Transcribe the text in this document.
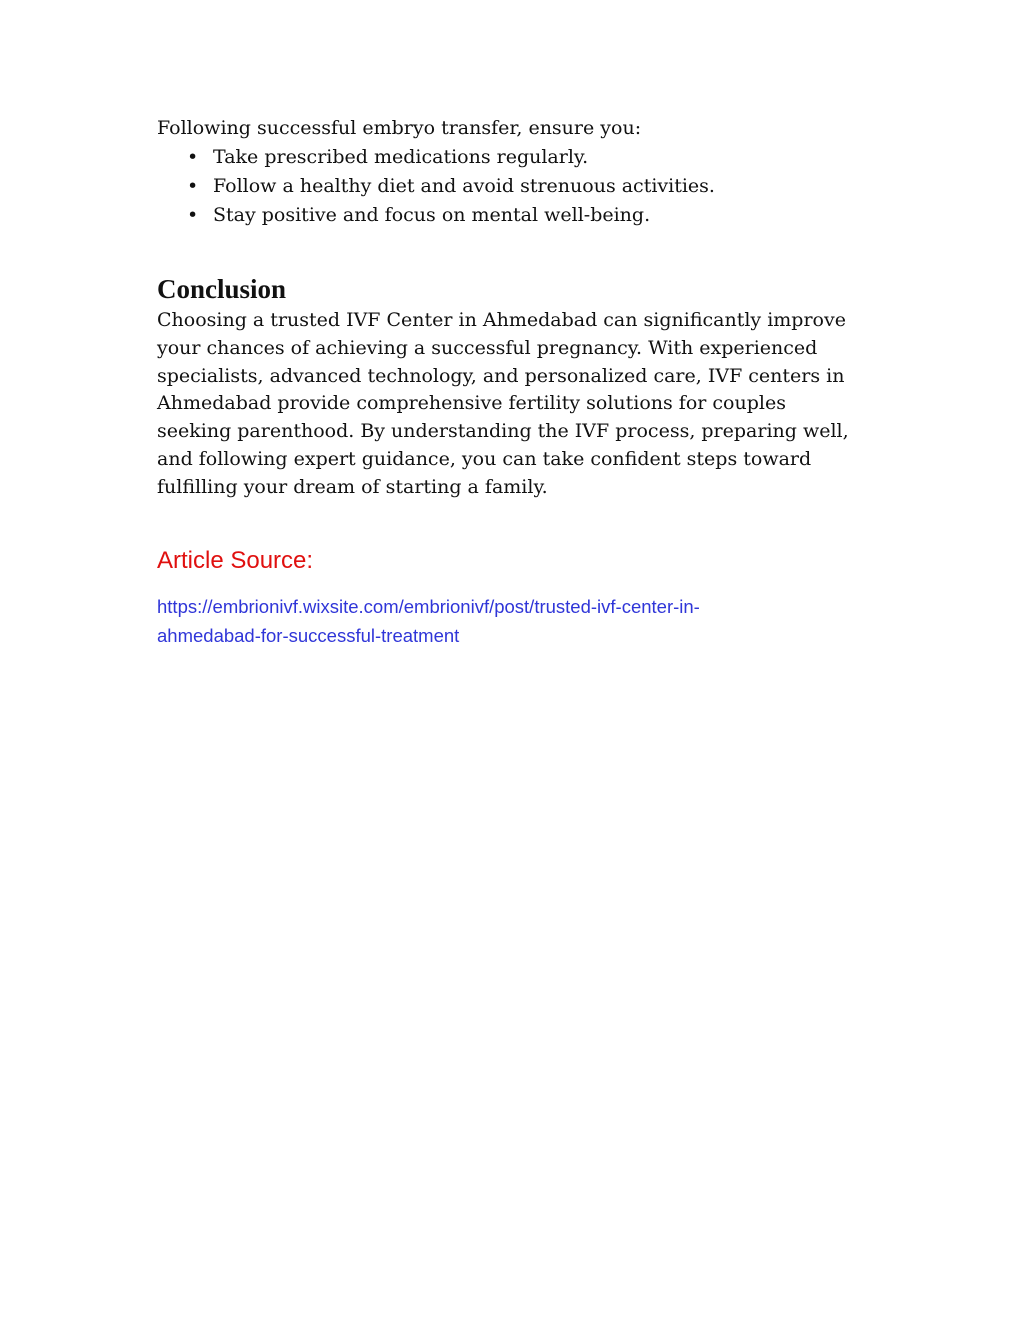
Following successful embryo transfer, ensure you:

• Take prescribed medications regularly.
• Follow a healthy diet and avoid strenuous activities.
• Stay positive and focus on mental well-being.
Conclusion

Choosing a trusted IVF Center in Ahmedabad can significantly improve your chances of achieving a successful pregnancy. With experienced specialists, advanced technology, and personalized care, IVF centers in Ahmedabad provide comprehensive fertility solutions for couples seeking parenthood. By understanding the IVF process, preparing well, and following expert guidance, you can take confident steps toward fulfilling your dream of starting a family.

Article Source:
https://embrionivf.wixsite.com/embrionivf/post/trusted-ivf-center-in-
ahmedabad-for-successful-treatment
